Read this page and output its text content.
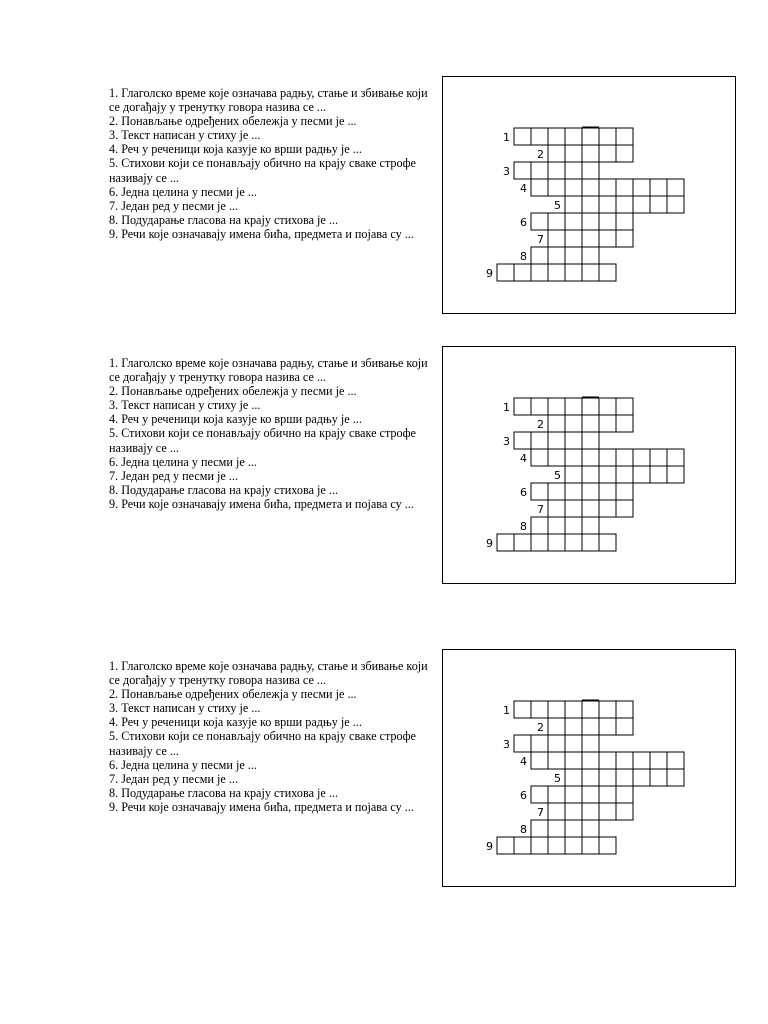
1. Глаголско време које означава радњу, стање и збивање који се догађају у тренутку говора назива се ...

2. Понављање одређених обележја у песми је ...

3. Текст написан у стиху је ...

4. Реч у реченици која казује ко врши радњу је ...

5. Стихови који се понављају обично на крају сваке строфе називају се ...

6. Једна целина у песми је ...

7. Један ред у песми је ...

8. Подударање гласова на крају стихова је ...

9. Речи које означавају имена бића, предмета и појава су ...

1
2
3
4
5
6
7
8
9

1. Глаголско време које означава радњу, стање и збивање који се догађају у тренутку говора назива се ...

2. Понављање одређених обележја у песми је ...

3. Текст написан у стиху је ...

4. Реч у реченици која казује ко врши радњу је ...

5. Стихови који се понављају обично на крају сваке строфе називају се ...

6. Једна целина у песми је ...

7. Један ред у песми је ...

8. Подударање гласова на крају стихова је ...

9. Речи које означавају имена бића, предмета и појава су ...

1
2
3
4
5
6
7
8
9

1. Глаголско време које означава радњу, стање и збивање који се догађају у тренутку говора назива се ...

2. Понављање одређених обележја у песми је ...

3. Текст написан у стиху је ...

4. Реч у реченици која казује ко врши радњу је ...

5. Стихови који се понављају обично на крају сваке строфе називају се ...

6. Једна целина у песми је ...

7. Један ред у песми је ...

8. Подударање гласова на крају стихова је ...

9. Речи које означавају имена бића, предмета и појава су ...

1
2
3
4
5
6
7
8
9
